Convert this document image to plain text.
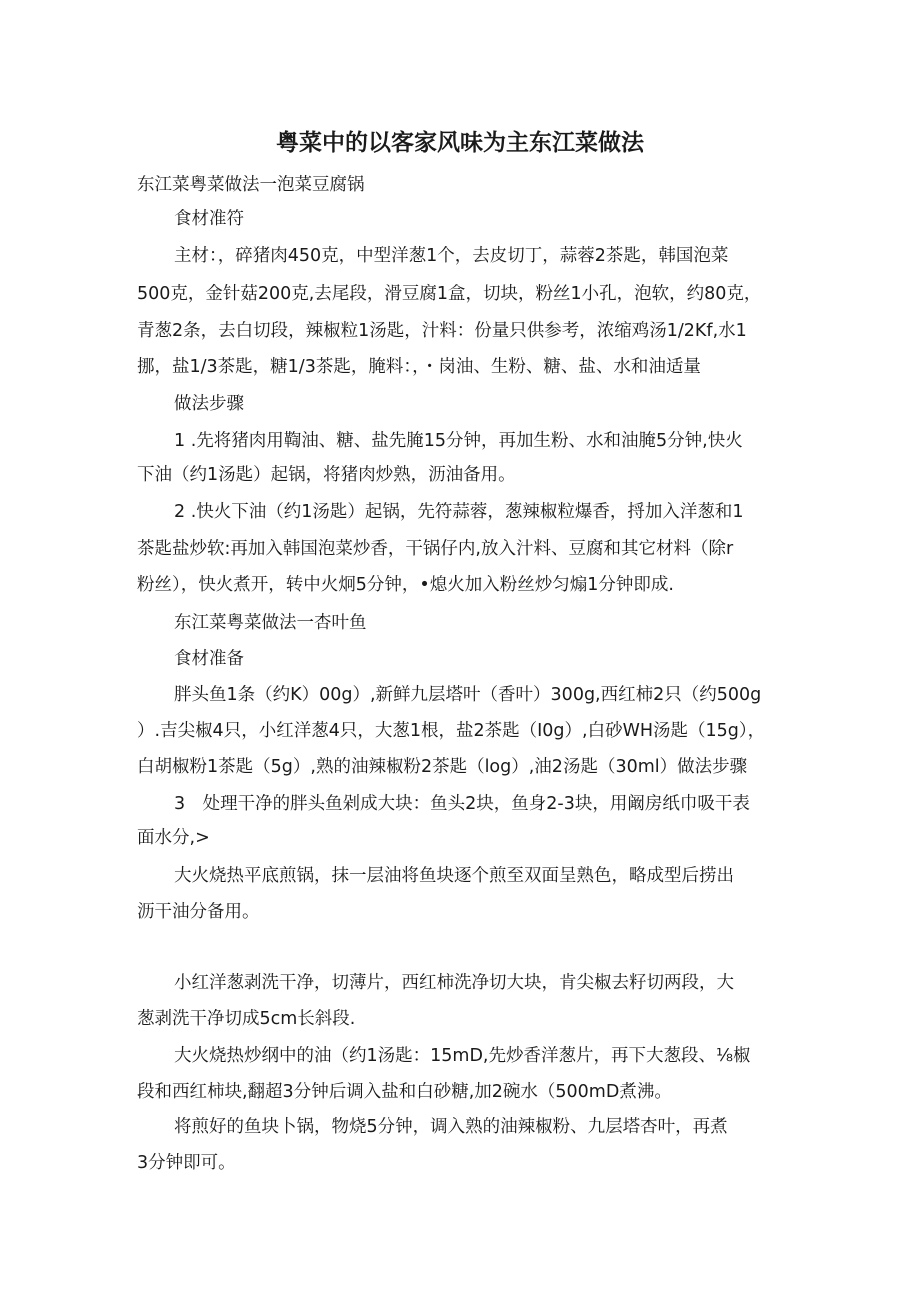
粤菜中的以客家风味为主东江菜做法
东江菜粤菜做法一泡菜豆腐锅
食材准符
主材：，碎猪肉450克，中型洋葱1个，去皮切丁，蒜蓉2茶匙，韩国泡菜
500克，金针菇200克,去尾段，滑豆腐1盒，切块，粉丝1小孔，泡软，约80克，
青葱2条，去白切段，辣椒粒1汤匙，汁料：份量只供参考，浓缩鸡汤1/2Kf,水1
挪，盐1/3茶匙，糖1/3茶匙，腌料：，・岗油、生粉、糖、盐、水和油适量
做法步骤
1 .先将猪肉用鞫油、糖、盐先腌15分钟，再加生粉、水和油腌5分钟,快火
下油（约1汤匙）起锅，将猪肉炒熟，沥油备用。
2 .快火下油（约1汤匙）起锅，先符蒜蓉，葱辣椒粒爆香，捋加入洋葱和1
茶匙盐炒软:再加入韩国泡菜炒香，干锅仔内,放入汁料、豆腐和其它材料（除r
粉丝），快火煮开，转中火炯5分钟，•熄火加入粉丝炒匀煽1分钟即成.
东江菜粤菜做法一杏叶鱼
食材准备
胖头鱼1条（约K）00g）,新鲜九层塔叶（香叶）300g,西红柿2只（约500g
）.吉尖椒4只，小红洋葱4只，大葱1根，盐2茶匙（I0g）,白砂WH汤匙（15g），
白胡椒粉1茶匙（5g）,熟的油辣椒粉2茶匙（log）,油2汤匙（30ml）做法步骤
3　处理干净的胖头鱼剁成大块：鱼头2块，鱼身2-3块，用阚房纸巾吸干表
面水分,>
大火烧热平底煎锅，抹一层油将鱼块逐个煎至双面呈熟色，略成型后捞出
沥干油分备用。
小红洋葱剥洗干净，切薄片，西红柿洗净切大块，肯尖椒去籽切两段，大
葱剥洗干净切成5cm长斜段.
大火烧热炒纲中的油（约1汤匙：15mD,先炒香洋葱片，再下大葱段、⅛椒
段和西红柿块,翻超3分钟后调入盐和白砂糖,加2碗水（500mD煮沸。
将煎好的鱼块卜锅，物烧5分钟，调入熟的油辣椒粉、九层塔杏叶，再煮
3分钟即可。
